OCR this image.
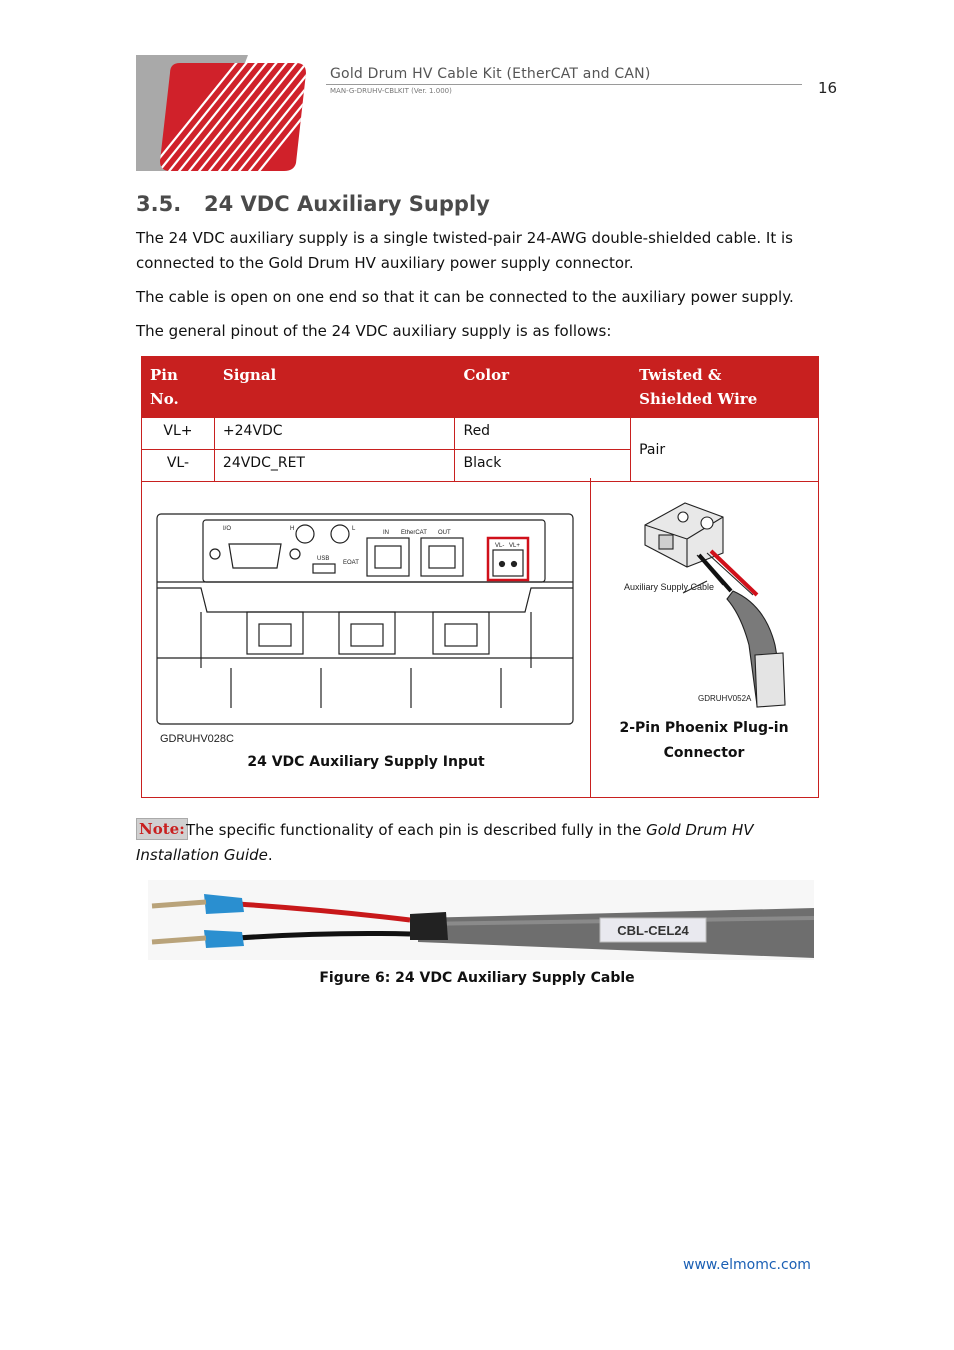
Gold Drum HV Cable Kit (EtherCAT and CAN)
MAN-G-DRUHV-CBLKIT (Ver. 1.000)	16
3.5. 24 VDC Auxiliary Supply
The 24 VDC auxiliary supply is a single twisted-pair 24-AWG double-shielded cable. It is connected to the Gold Drum HV auxiliary power supply connector.
The cable is open on one end so that it can be connected to the auxiliary power supply.
The general pinout of the 24 VDC auxiliary supply is as follows:
Pin No.	Signal	Color	Twisted & Shielded Wire
VL+	+24VDC	Red	Pair
VL-	24VDC_RET	Black	
I/O	H	L
IN EtherCAT OUT
USB
EOAT
VL- VL+
GDRUHV028C
24 VDC Auxiliary Supply Input
Auxiliary Supply Cable
GDRUHV052A
2-Pin Phoenix Plug-in Connector
Note: The specific functionality of each pin is described fully in the Gold Drum HV Installation Guide.
CBL-CEL24
Figure 6: 24 VDC Auxiliary Supply Cable
www.elmomc.com
